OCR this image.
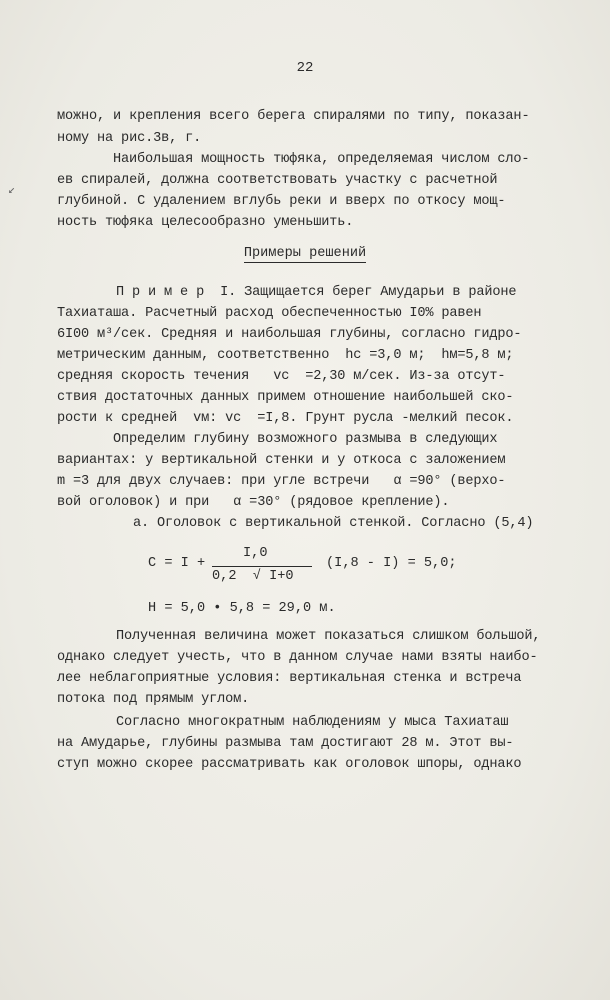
22
можно, и крепления всего берега спиралями по типу, показан-
ному на рис.3в, г.
Наибольшая мощность тюфяка, определяемая числом сло-
ев спиралей, должна соответствовать участку с расчетной
глубиной. С удалением вглубь реки и вверх по откосу мощ-
ность тюфяка целесообразно уменьшить.
↙
Примеры решений
П р и м е р  I. Защищается берег Амударьи в районе
Тахиаташа. Расчетный расход обеспеченностью I0% равен
6I00 м³/сек. Средняя и наибольшая глубины, согласно гидро-
метрическим данным, соответственно  hc =3,0 м;  hм=5,8 м;
средняя скорость течения   vc  =2,30 м/сек. Из-за отсут-
ствия достаточных данных примем отношение наибольшей ско-
рости к средней  vм: vc  =I,8. Грунт русла -мелкий песок.
Определим глубину возможного размыва в следующих
вариантах: у вертикальной стенки и у откоса с заложением
m =3 для двух случаев: при угле встречи   α =90° (верхо-
вой оголовок) и при   α =30° (рядовое крепление).
а. Оголовок с вертикальной стенкой. Согласно (5,4)
C = I +
I,0
0,2  √ I+0
(I,8 - I) = 5,0;
H = 5,0 • 5,8 = 29,0 м.
Полученная величина может показаться слишком большой,
однако следует учесть, что в данном случае нами взяты наибо-
лее неблагоприятные условия: вертикальная стенка и встреча
потока под прямым углом.
Согласно многократным наблюдениям у мыса Тахиаташ
на Амударье, глубины размыва там достигают 28 м. Этот вы-
ступ можно скорее рассматривать как оголовок шпоры, однако
